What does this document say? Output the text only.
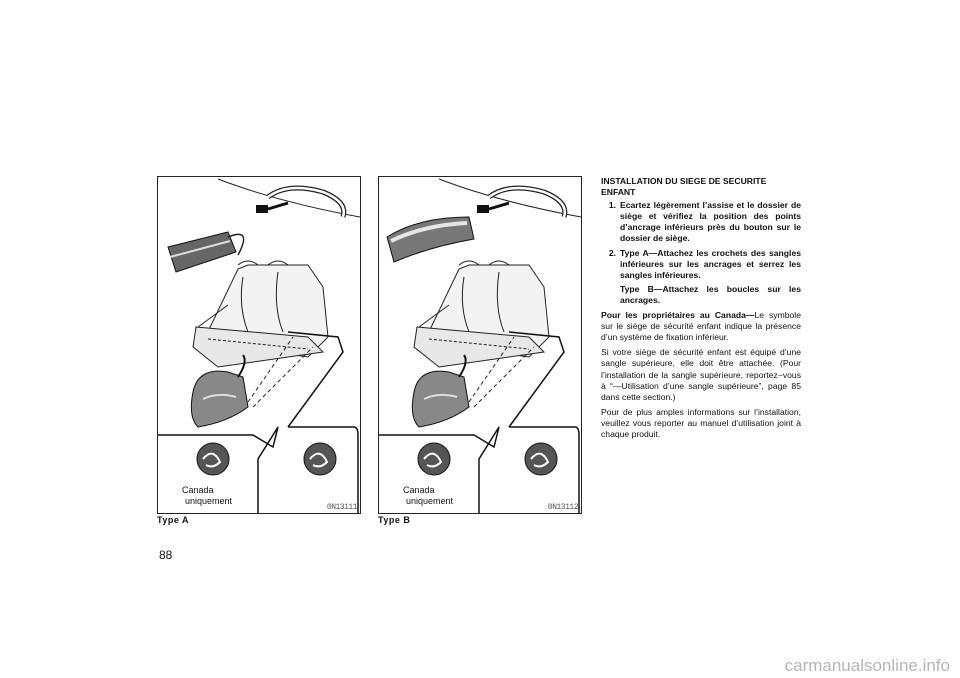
Canada
uniquement
0N13111
Type A
Canada
uniquement
0N13112
Type B
88

INSTALLATION DU SIEGE DE SECURITE ENFANT

1. Ecartez légèrement l’assise et le dossier de siège et vérifiez la position des points d’ancrage inférieurs près du bouton sur le dossier de siège.
2. Type A—Attachez les crochets des sangles inférieures sur les ancrages et serrez les sangles inférieures.

Type B—Attachez les boucles sur les ancrages.

Pour les propriétaires au Canada—Le symbole sur le siège de sécurité enfant indique la présence d’un système de fixation inférieur.

Si votre siège de sécurité enfant est équipé d’une sangle supérieure, elle doit être attachée. (Pour l’installation de la sangle supérieure, reportez−vous à “—Utilisation d’une sangle supérieure”, page 85 dans cette section.)

Pour de plus amples informations sur l’installation, veuillez vous reporter au manuel d’utilisation joint à chaque produit.

carmanualsonline.info
